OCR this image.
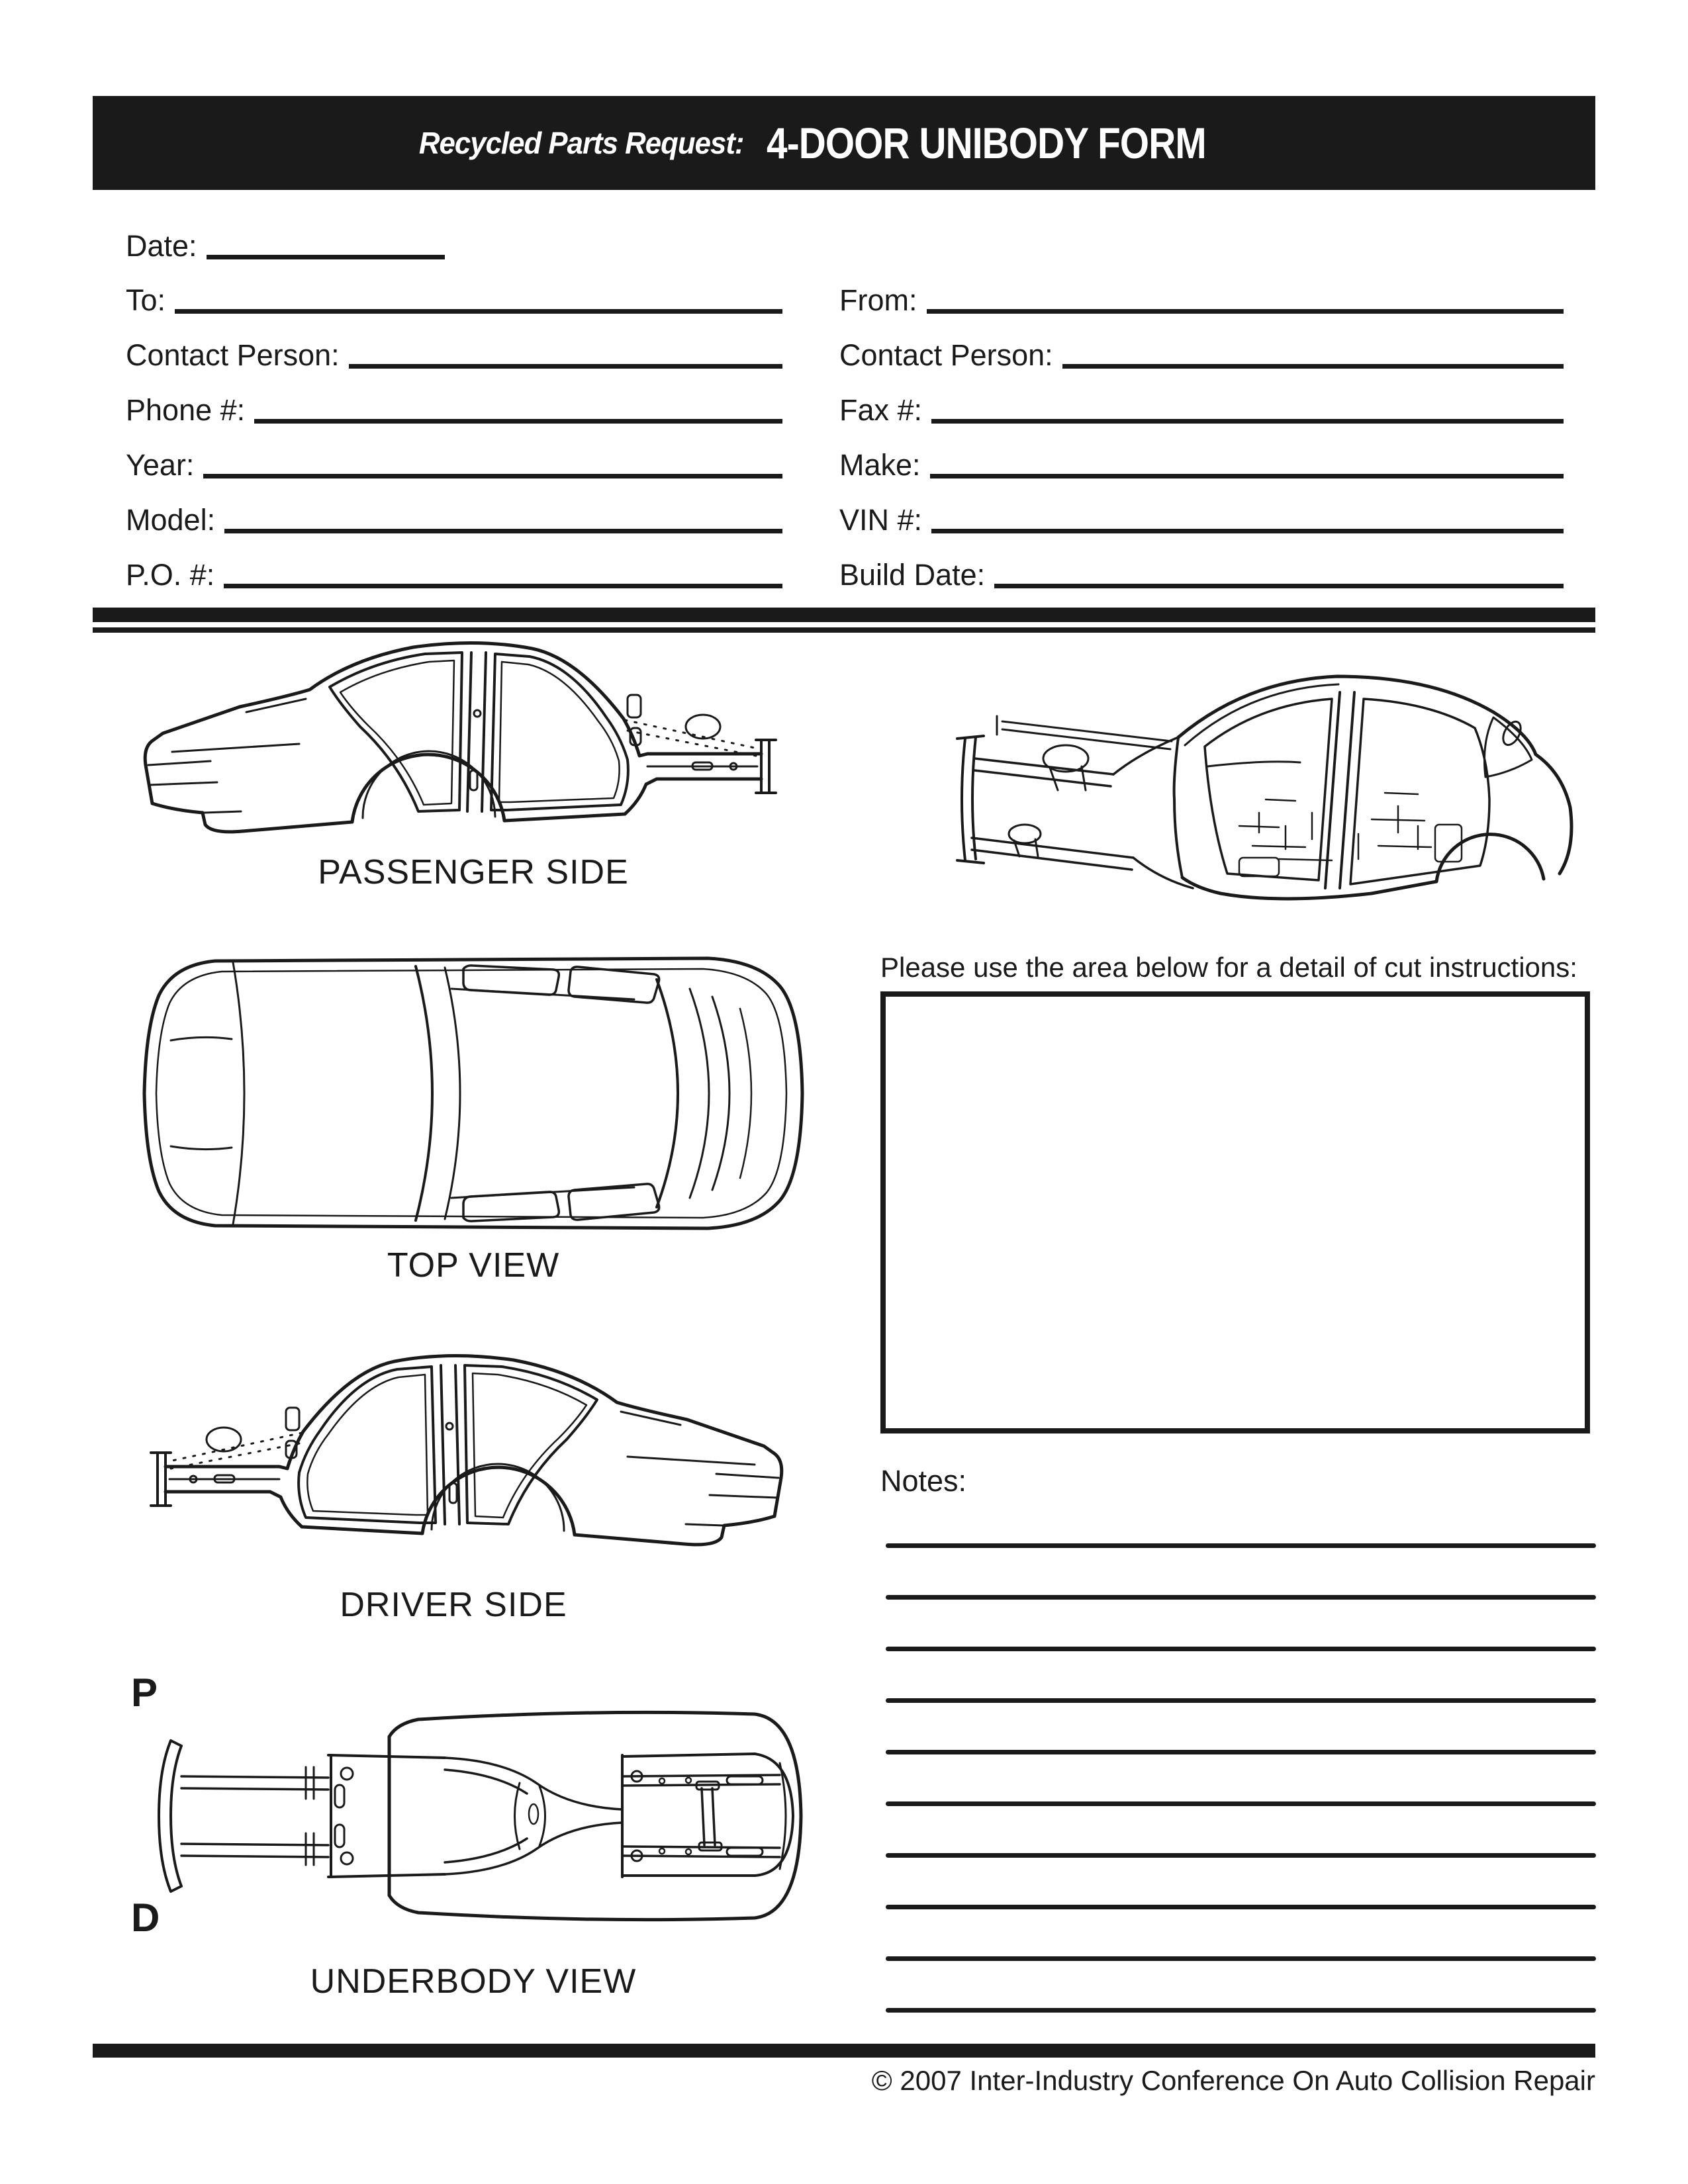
Recycled Parts Request: 4-DOOR UNIBODY FORM
Date:
To:
Contact Person:
Phone #:
Year:
Model:
P.O. #:
From:
Contact Person:
Fax #:
Make:
VIN #:
Build Date:
PASSENGER SIDE
TOP VIEW
DRIVER SIDE
P
D
UNDERBODY VIEW
Please use the area below for a detail of cut instructions:
Notes:
© 2007 Inter-Industry Conference On Auto Collision Repair
